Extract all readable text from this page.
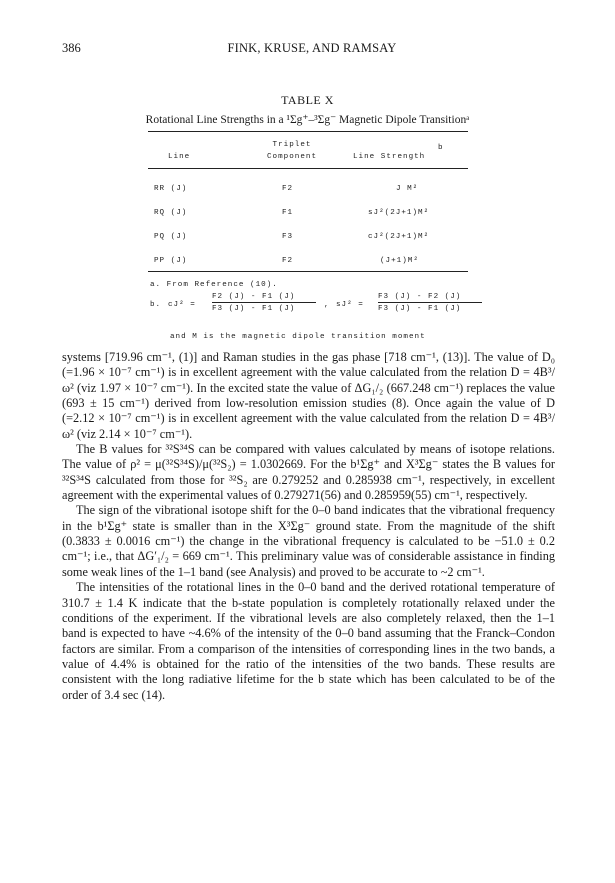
386	FINK, KRUSE, AND RAMSAY
TABLE X
Rotational Line Strengths in a ¹Σg⁺–³Σg⁻ Magnetic Dipole Transitionᵃ
Line
Triplet
Component	Line Strength
b
RR (J)	F2	J M²
RQ (J)	F1	sJ²(2J+1)M²
PQ (J)	F3	cJ²(2J+1)M²
PP (J)	F2	(J+1)M²
a. From Reference (10).
b. cJ² =
F2 (J) - F1 (J)
F3 (J) - F1 (J)	, sJ² =
F3 (J) - F2 (J)
F3 (J) - F1 (J)
and M is the magnetic dipole transition moment

systems [719.96 cm⁻¹, (1)] and Raman studies in the gas phase [718 cm⁻¹, (13)]. The value of D₀ (=1.96 × 10⁻⁷ cm⁻¹) is in excellent agreement with the value calculated from the relation D = 4B³/ω² (viz 1.97 × 10⁻⁷ cm⁻¹). In the excited state the value of ΔG₁/₂ (667.248 cm⁻¹) replaces the value (693 ± 15 cm⁻¹) derived from low-resolution emission studies (8). Once again the value of D (=2.12 × 10⁻⁷ cm⁻¹) is in excellent agreement with the value calculated from the relation D = 4B³/ω² (viz 2.14 × 10⁻⁷ cm⁻¹).

The B values for ³²S³⁴S can be compared with values calculated by means of isotope relations. The value of ρ² = μ(³²S³⁴S)/μ(³²S₂) = 1.0302669. For the b¹Σg⁺ and X³Σg⁻ states the B values for ³²S³⁴S calculated from those for ³²S₂ are 0.279252 and 0.285938 cm⁻¹, respectively, in excellent agreement with the experimental values of 0.279271(56) and 0.285959(55) cm⁻¹, respectively.

The sign of the vibrational isotope shift for the 0–0 band indicates that the vibrational frequency in the b¹Σg⁺ state is smaller than in the X³Σg⁻ ground state. From the magnitude of the shift (0.3833 ± 0.0016 cm⁻¹) the change in the vibrational frequency is calculated to be −51.0 ± 0.2 cm⁻¹; i.e., that ΔG′₁/₂ = 669 cm⁻¹. This preliminary value was of considerable assistance in finding some weak lines of the 1–1 band (see Analysis) and proved to be accurate to ~2 cm⁻¹.

The intensities of the rotational lines in the 0–0 band and the derived rotational temperature of 310.7 ± 1.4 K indicate that the b-state population is completely rotationally relaxed under the conditions of the experiment. If the vibrational levels are also completely relaxed, then the 1–1 band is expected to have ~4.6% of the intensity of the 0–0 band assuming that the Franck–Condon factors are similar. From a comparison of the intensities of corresponding lines in the two bands, a value of 4.4% is obtained for the ratio of the intensities of the two bands. These results are consistent with the long radiative lifetime for the b state which has been calculated to be of the order of 3.4 sec (14).
